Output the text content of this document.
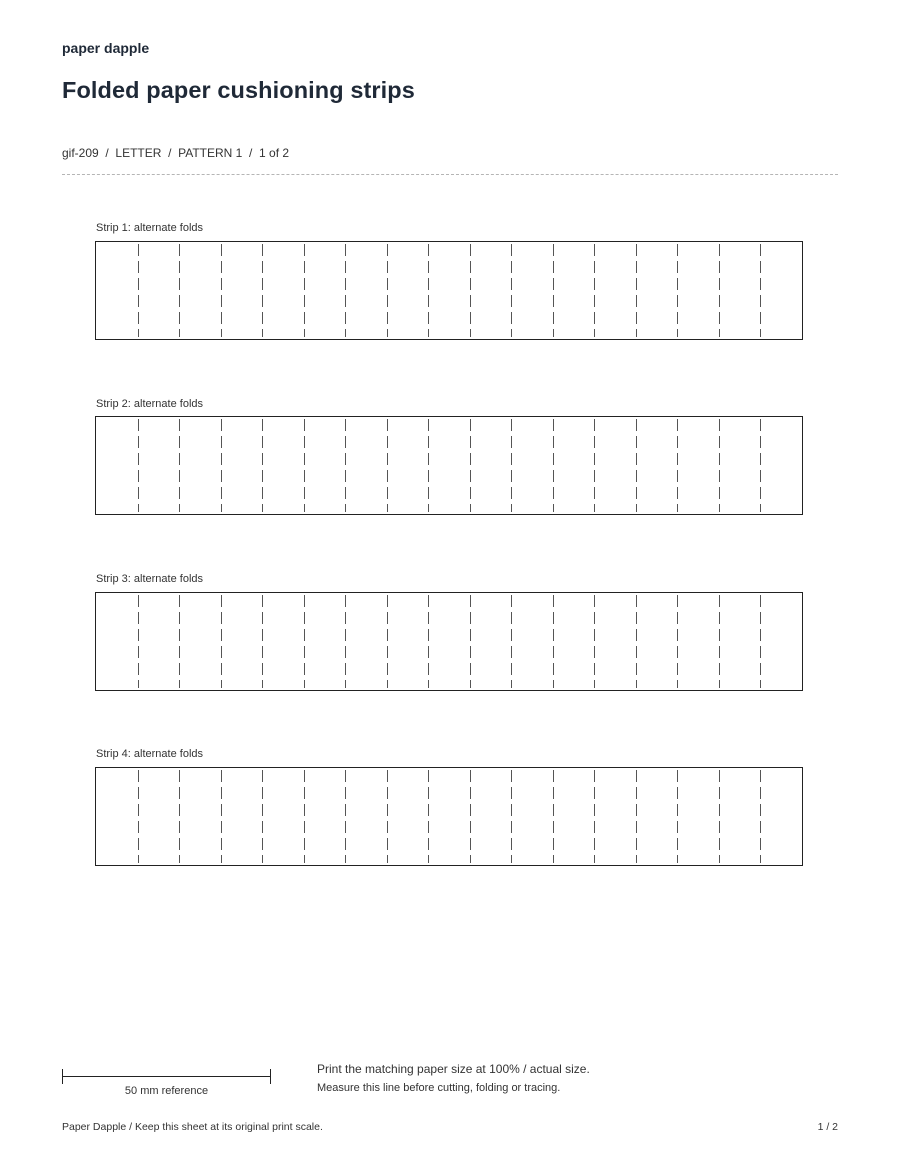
paper dapple
Folded paper cushioning strips
gif-209 / LETTER / PATTERN 1 / 1 of 2
Strip 1: alternate folds
Strip 2: alternate folds
Strip 3: alternate folds
Strip 4: alternate folds
50 mm reference
Print the matching paper size at 100% / actual size.
Measure this line before cutting, folding or tracing.
Paper Dapple / Keep this sheet at its original print scale.	1 / 2
